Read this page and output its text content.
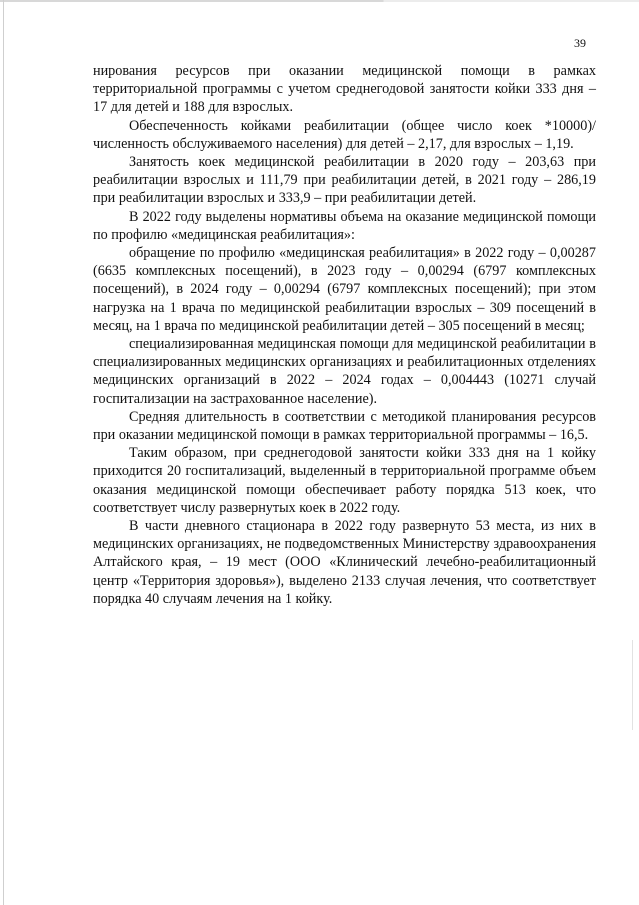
39

нирования ресурсов при оказании медицинской помощи в рамках территориальной программы с учетом среднегодовой занятости койки 333 дня – 17 для детей и 188 для взрослых.

Обеспеченность койками реабилитации (общее число коек *10000)/численность обслуживаемого населения) для детей – 2,17, для взрослых – 1,19.

Занятость коек медицинской реабилитации в 2020 году – 203,63 при реабилитации взрослых и 111,79 при реабилитации детей, в 2021 году – 286,19 при реабилитации взрослых и 333,9 – при реабилитации детей.

В 2022 году выделены нормативы объема на оказание медицинской помощи по профилю «медицинская реабилитация»:

обращение по профилю «медицинская реабилитация» в 2022 году – 0,00287 (6635 комплексных посещений), в 2023 году – 0,00294 (6797 комплексных посещений), в 2024 году – 0,00294 (6797 комплексных посещений); при этом нагрузка на 1 врача по медицинской реабилитации взрослых – 309 посещений в месяц, на 1 врача по медицинской реабилитации детей – 305 посещений в месяц;

специализированная медицинская помощи для медицинской реабилитации в специализированных медицинских организациях и реабилитационных отделениях медицинских организаций в 2022 – 2024 годах – 0,004443 (10271 случай госпитализации на застрахованное население).

Средняя длительность в соответствии с методикой планирования ресурсов при оказании медицинской помощи в рамках территориальной программы – 16,5.

Таким образом, при среднегодовой занятости койки 333 дня на 1 койку приходится 20 госпитализаций, выделенный в территориальной программе объем оказания медицинской помощи обеспечивает работу порядка 513 коек, что соответствует числу развернутых коек в 2022 году.

В части дневного стационара в 2022 году развернуто 53 места, из них в медицинских организациях, не подведомственных Министерству здравоохранения Алтайского края, – 19 мест (ООО «Клинический лечебно-реабилитационный центр «Территория здоровья»), выделено 2133 случая лечения, что соответствует порядка 40 случаям лечения на 1 койку.
